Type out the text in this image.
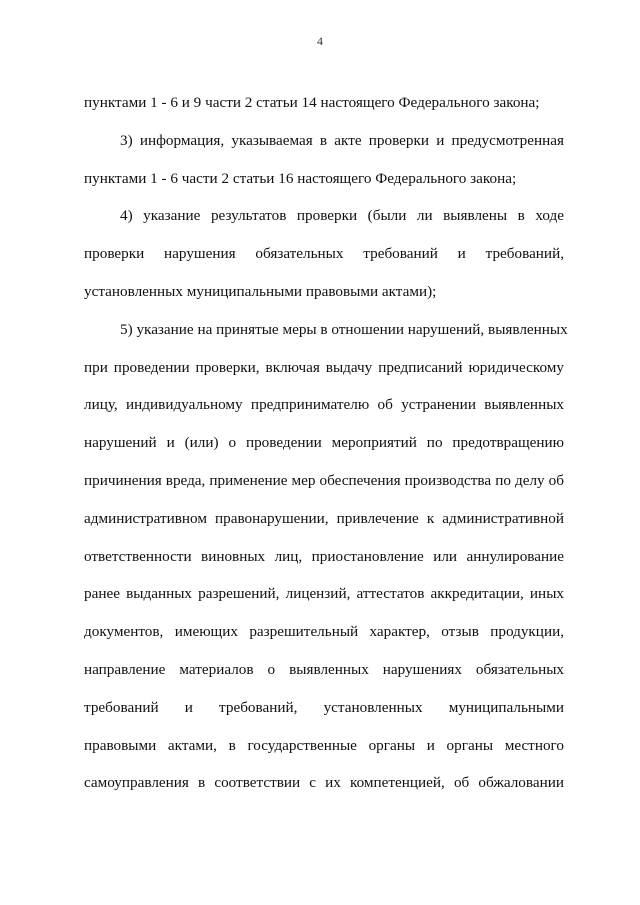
4
пунктами 1 - 6 и 9 части 2 статьи 14 настоящего Федерального закона;
3) информация, указываемая в акте проверки и предусмотренная
пунктами 1 - 6 части 2 статьи 16 настоящего Федерального закона;
4) указание результатов проверки (были ли выявлены в ходе
проверки нарушения обязательных требований и требований,
установленных муниципальными правовыми актами);
5) указание на принятые меры в отношении нарушений, выявленных
при проведении проверки, включая выдачу предписаний юридическому
лицу, индивидуальному предпринимателю об устранении выявленных
нарушений и (или) о проведении мероприятий по предотвращению
причинения вреда, применение мер обеспечения производства по делу об
административном правонарушении, привлечение к административной
ответственности виновных лиц, приостановление или аннулирование
ранее выданных разрешений, лицензий, аттестатов аккредитации, иных
документов, имеющих разрешительный характер, отзыв продукции,
направление материалов о выявленных нарушениях обязательных
требований и требований, установленных муниципальными
правовыми актами, в государственные органы и органы местного
самоуправления в соответствии с их компетенцией, об обжаловании
